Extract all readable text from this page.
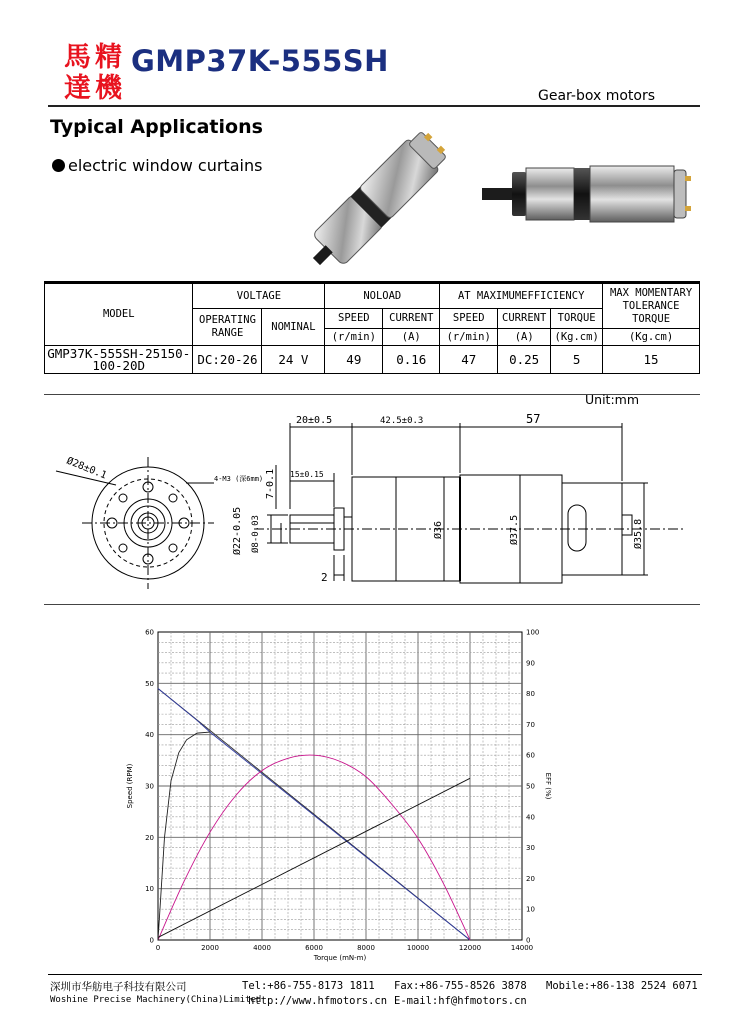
馬 精
達 機
GMP37K-555SH
Gear-box motors
Typical Applications
electric window curtains
MODEL	VOLTAGE		NOLOAD		AT MAXIMUMEFFICIENCY			MAX MOMENTARY TOLERANCE TORQUE
	OPERATING RANGE	NOMINAL	SPEED	CURRENT	SPEED	CURRENT	TORQUE	
			(r/min)	(A)	(r/min)	(A)	(Kg.cm)	(Kg.cm)
GMP37K-555SH-25150-100-20D	DC:20-26	24 V	49	0.16	47	0.25	5	15
Unit:mm
20±0.5	42.5±0.3	57
15±0.15
4-M3 (深6mm)
2
Ø28±0.1
7-0.1
Ø22-0.05 Ø8-0.03	Ø36	Ø37.5	Ø35.8
0	2000	4000	6000	8000	10000	12000	14000
0
10
20
30
40
50
60
0
10
20
30
40
50
60
70
80
90
100
Torque (mN-m)
Speed (RPM)	EFF (%)
深圳市华舫电子科技有限公司
Woshine Precise Machinery(China)Limited
Tel:+86-755-8173 1811 Fax:+86-755-8526 3878 Mobile:+86-138 2524 6071
http://www.hfmotors.cn E-mail:hf@hfmotors.cn
